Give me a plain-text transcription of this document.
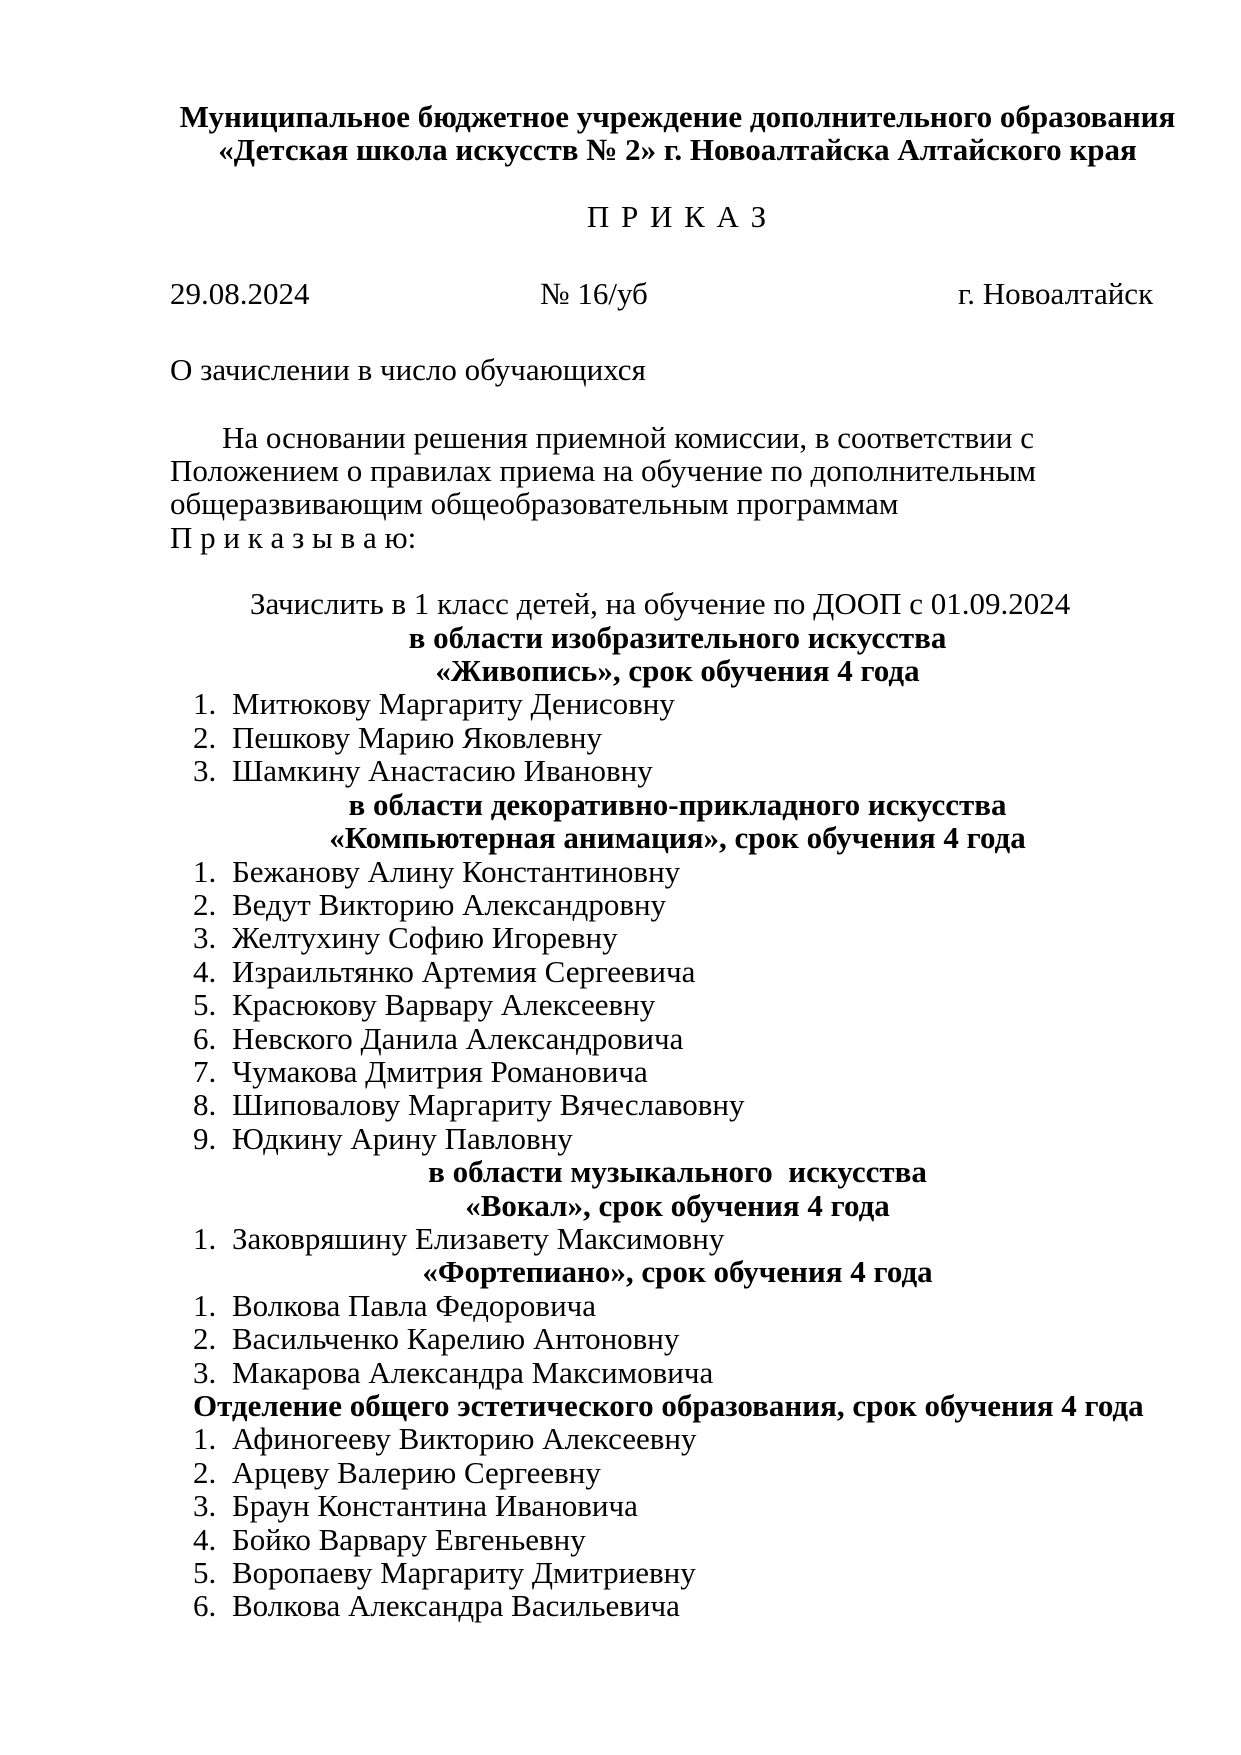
Муниципальное бюджетное учреждение дополнительного образования
«Детская школа искусств № 2» г. Новоалтайска Алтайского края
П Р И К А З
29.08.2024	№ 16/уб	г. Новоалтайск
О зачислении в число обучающихся
На основании решения приемной комиссии, в соответствии с
Положением о правилах приема на обучение по дополнительным
общеразвивающим общеобразовательным программам
П р и к а з ы в а ю:
Зачислить в 1 класс детей, на обучение по ДООП с 01.09.2024
в области изобразительного искусства
«Живопись», срок обучения 4 года
1. Митюкову Маргариту Денисовну
2. Пешкову Марию Яковлевну
3. Шамкину Анастасию Ивановну
в области декоративно-прикладного искусства
«Компьютерная анимация», срок обучения 4 года
1. Бежанову Алину Константиновну
2. Ведут Викторию Александровну
3. Желтухину Софию Игоревну
4. Израильтянко Артемия Сергеевича
5. Красюкову Варвару Алексеевну
6. Невского Данила Александровича
7. Чумакова Дмитрия Романовича
8. Шиповалову Маргариту Вячеславовну
9. Юдкину Арину Павловну
в области музыкального  искусства
«Вокал», срок обучения 4 года
1. Заковряшину Елизавету Максимовну
«Фортепиано», срок обучения 4 года
1. Волкова Павла Федоровича
2. Васильченко Карелию Антоновну
3. Макарова Александра Максимовича
Отделение общего эстетического образования, срок обучения 4 года
1. Афиногееву Викторию Алексеевну
2. Арцеву Валерию Сергеевну
3. Браун Константина Ивановича
4. Бойко Варвару Евгеньевну
5. Воропаеву Маргариту Дмитриевну
6. Волкова Александра Васильевича
